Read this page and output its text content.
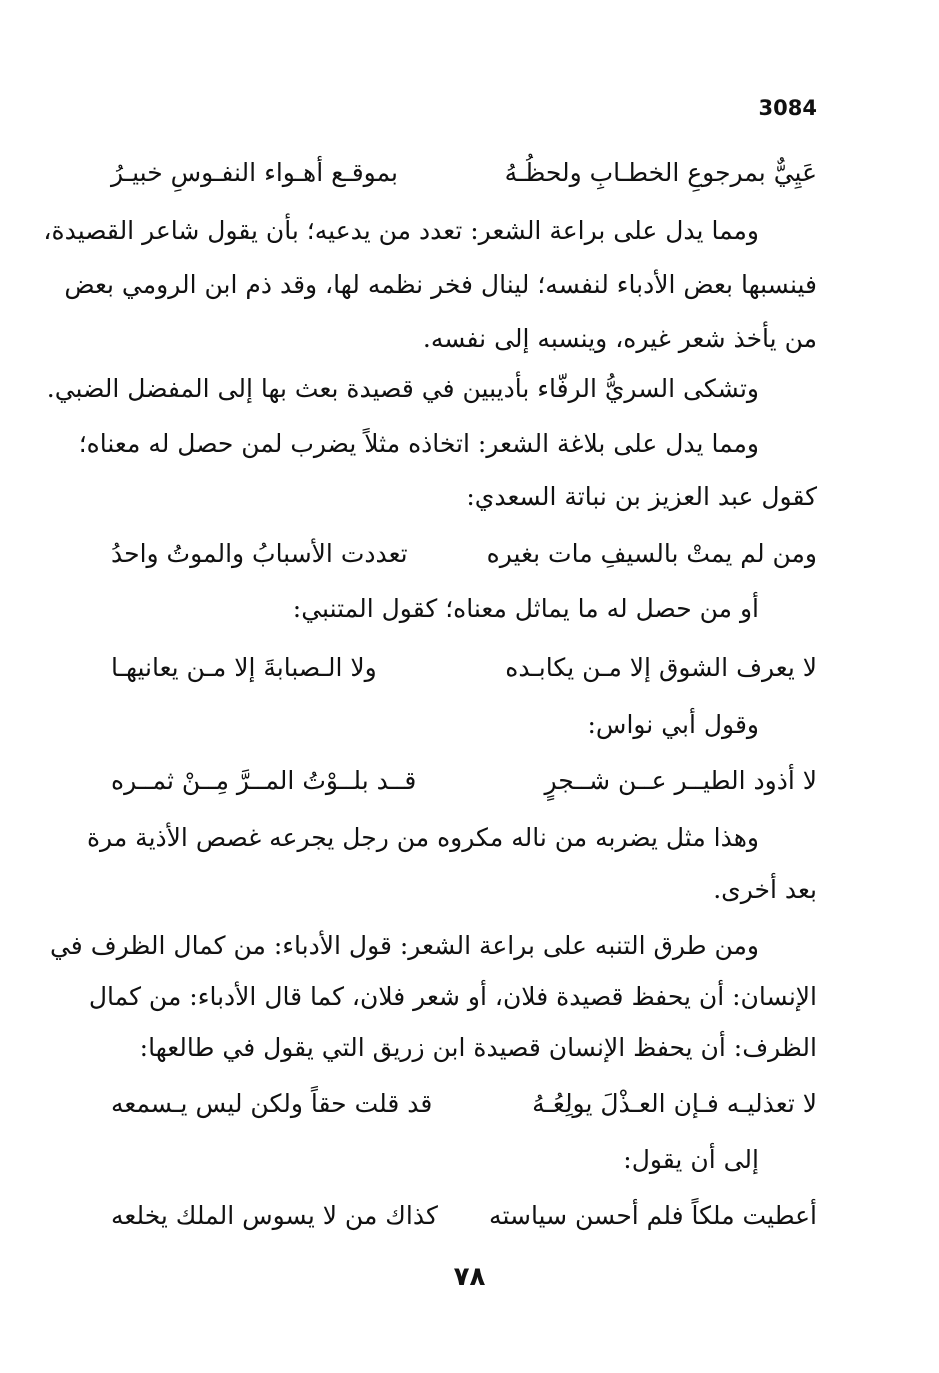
3084
عَيِيٌّ بمرجوعِ الخطـابِ ولحظُـهُ
بموقـع أهـواء النفـوسِ خبيـرُ
ومما يدل على براعة الشعر: تعدد من يدعيه؛ بأن يقول شاعر القصيدة،
فينسبها بعض الأدباء لنفسه؛ لينال فخر نظمه لها، وقد ذم ابن الرومي بعض
من يأخذ شعر غيره، وينسبه إلى نفسه.
وتشكى السريُّ الرفّاء بأديبين في قصيدة بعث بها إلى المفضل الضبي.
ومما يدل على بلاغة الشعر: اتخاذه مثلاً يضرب لمن حصل له معناه؛
كقول عبد العزيز بن نباتة السعدي:
ومن لم يمتْ بالسيفِ مات بغيره
تعددت الأسبابُ والموتُ واحدُ
أو من حصل له ما يماثل معناه؛ كقول المتنبي:
لا يعرف الشوق إلا مـن يكابـده
ولا الـصبابةَ إلا مـن يعانيهـا
وقول أبي نواس:
لا أذود الطيــر عــن شــجرٍ
قــد بلــوْتُ المــرَّ مِــنْ ثمــره
وهذا مثل يضربه من ناله مكروه من رجل يجرعه غصص الأذية مرة
بعد أخرى.
ومن طرق التنبه على براعة الشعر: قول الأدباء: من كمال الظرف في
الإنسان: أن يحفظ قصيدة فلان، أو شعر فلان، كما قال الأدباء: من كمال
الظرف: أن يحفظ الإنسان قصيدة ابن زريق التي يقول في طالعها:
لا تعذليـه فـإن العـذْلَ يولِعُـهُ
قد قلت حقاً ولكن ليس يـسمعه
إلى أن يقول:
أعطيت ملكاً فلم أحسن سياسته
كذاك من لا يسوس الملك يخلعه
٧٨
